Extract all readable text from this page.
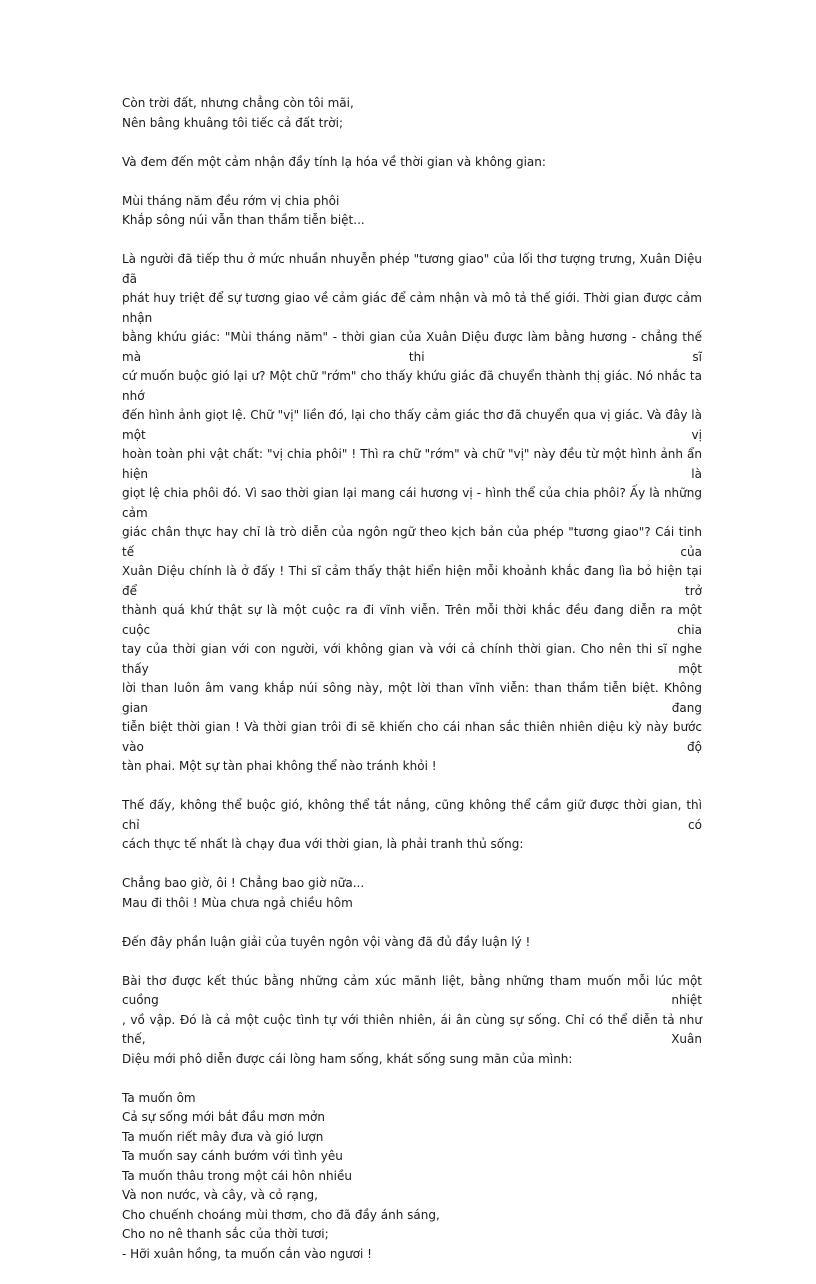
Còn trời đất, nhưng chẳng còn tôi mãi,
Nên bâng khuâng tôi tiếc cả đất trời;

Và đem đến một cảm nhận đầy tính lạ hóa về thời gian và không gian:

Mùi tháng năm đều rớm vị chia phôi
Khắp sông núi vẫn than thầm tiễn biệt...

Là người đã tiếp thu ở mức nhuần nhuyễn phép "tương giao" của lối thơ tượng trưng, Xuân Diệu đã
phát huy triệt để sự tương giao về cảm giác để cảm nhận và mô tả thế giới. Thời gian được cảm nhận
bằng khứu giác: "Mùi tháng năm" - thời gian của Xuân Diệu được làm bằng hương - chẳng thế mà thi sĩ
cứ muốn buộc gió lại ư? Một chữ "rớm" cho thấy khứu giác đã chuyển thành thị giác. Nó nhắc ta nhớ
đến hình ảnh giọt lệ. Chữ "vị" liền đó, lại cho thấy cảm giác thơ đã chuyển qua vị giác. Và đây là một vị
hoàn toàn phi vật chất: "vị chia phôi" ! Thì ra chữ "rớm" và chữ "vị" này đều từ một hình ảnh ẩn hiện là
giọt lệ chia phôi đó. Vì sao thời gian lại mang cái hương vị - hình thể của chia phôi? Ấy là những cảm
giác chân thực hay chỉ là trò diễn của ngôn ngữ theo kịch bản của phép "tương giao"? Cái tinh tế của
Xuân Diệu chính là ở đấy ! Thi sĩ cảm thấy thật hiển hiện mỗi khoảnh khắc đang lìa bỏ hiện tại để trở
thành quá khứ thật sự là một cuộc ra đi vĩnh viễn. Trên mỗi thời khắc đều đang diễn ra một cuộc chia
tay của thời gian với con người, với không gian và với cả chính thời gian. Cho nên thi sĩ nghe thấy một
lời than luôn âm vang khắp núi sông này, một lời than vĩnh viễn: than thầm tiễn biệt. Không gian đang
tiễn biệt thời gian ! Và thời gian trôi đi sẽ khiến cho cái nhan sắc thiên nhiên diệu kỳ này bước vào độ
tàn phai. Một sự tàn phai không thể nào tránh khỏi !

Thế đấy, không thể buộc gió, không thể tắt nắng, cũng không thể cầm giữ được thời gian, thì chỉ có
cách thực tế nhất là chạy đua với thời gian, là phải tranh thủ sống:

Chẳng bao giờ, ôi ! Chẳng bao giờ nữa...
Mau đi thôi ! Mùa chưa ngả chiều hôm

Đến đây phần luận giải của tuyên ngôn vội vàng đã đủ đầy luận lý !

Bài thơ được kết thúc bằng những cảm xúc mãnh liệt, bằng những tham muốn mỗi lúc một cuồng nhiệt
, vồ vập. Đó là cả một cuộc tình tự với thiên nhiên, ái ân cùng sự sống. Chỉ có thể diễn tả như thế, Xuân
Diệu mới phô diễn được cái lòng ham sống, khát sống sung mãn của mình:

Ta muốn ôm
Cả sự sống mới bắt đầu mơn mởn
Ta muốn riết mây đưa và gió lượn
Ta muốn say cánh bướm với tình yêu
Ta muốn thâu trong một cái hôn nhiều
Và non nước, và cây, và cỏ rạng,
Cho chuếnh choáng mùi thơm, cho đã đầy ánh sáng,
Cho no nê thanh sắc của thời tươi;
- Hỡi xuân hồng, ta muốn cắn vào ngươi !
